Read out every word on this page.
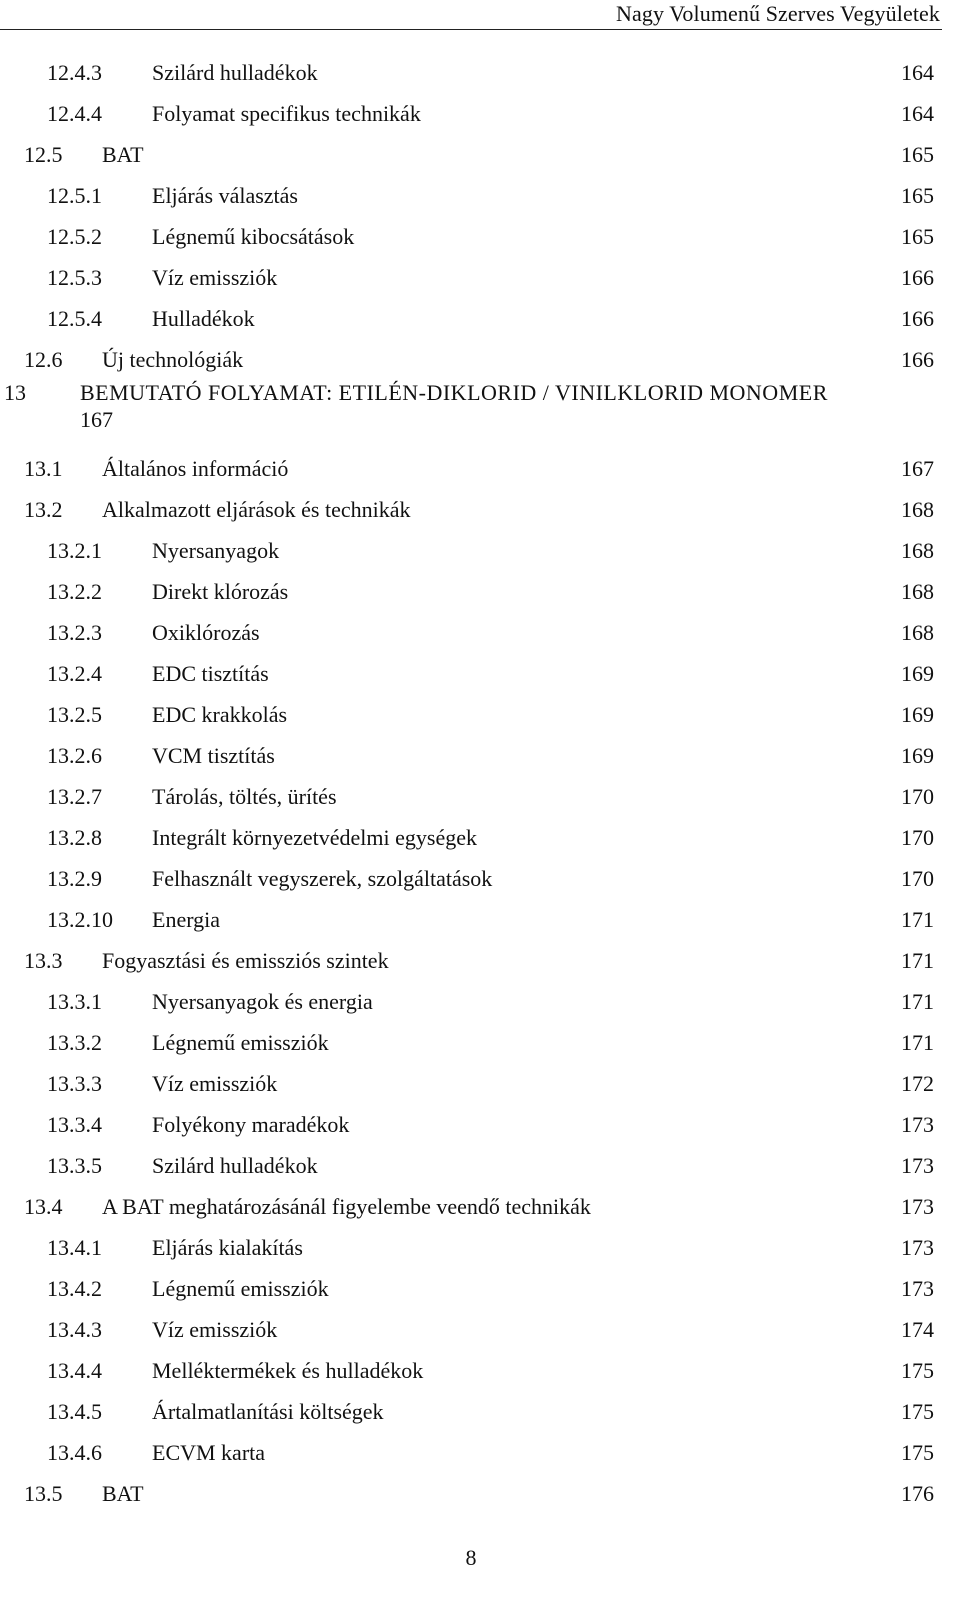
Nagy Volumenű Szerves Vegyületek
12.4.3 Szilárd hulladékok	164
12.4.4 Folyamat specifikus technikák	164
12.5 BAT	165
12.5.1 Eljárás választás	165
12.5.2 Légnemű kibocsátások	165
12.5.3 Víz emissziók	166
12.5.4 Hulladékok	166
12.6 Új technológiák	166
13 BEMUTATÓ FOLYAMAT: ETILÉN-DIKLORID / VINILKLORID MONOMER
167
13.1 Általános információ	167
13.2 Alkalmazott eljárások és technikák	168
13.2.1 Nyersanyagok	168
13.2.2 Direkt klórozás	168
13.2.3 Oxiklórozás	168
13.2.4 EDC tisztítás	169
13.2.5 EDC krakkolás	169
13.2.6 VCM tisztítás	169
13.2.7 Tárolás, töltés, ürítés	170
13.2.8 Integrált környezetvédelmi egységek	170
13.2.9 Felhasznált vegyszerek, szolgáltatások	170
13.2.10 Energia	171
13.3 Fogyasztási és emissziós szintek	171
13.3.1 Nyersanyagok és energia	171
13.3.2 Légnemű emissziók	171
13.3.3 Víz emissziók	172
13.3.4 Folyékony maradékok	173
13.3.5 Szilárd hulladékok	173
13.4 A BAT meghatározásánál figyelembe veendő technikák	173
13.4.1 Eljárás kialakítás	173
13.4.2 Légnemű emissziók	173
13.4.3 Víz emissziók	174
13.4.4 Melléktermékek és hulladékok	175
13.4.5 Ártalmatlanítási költségek	175
13.4.6 ECVM karta	175
13.5 BAT	176
8
